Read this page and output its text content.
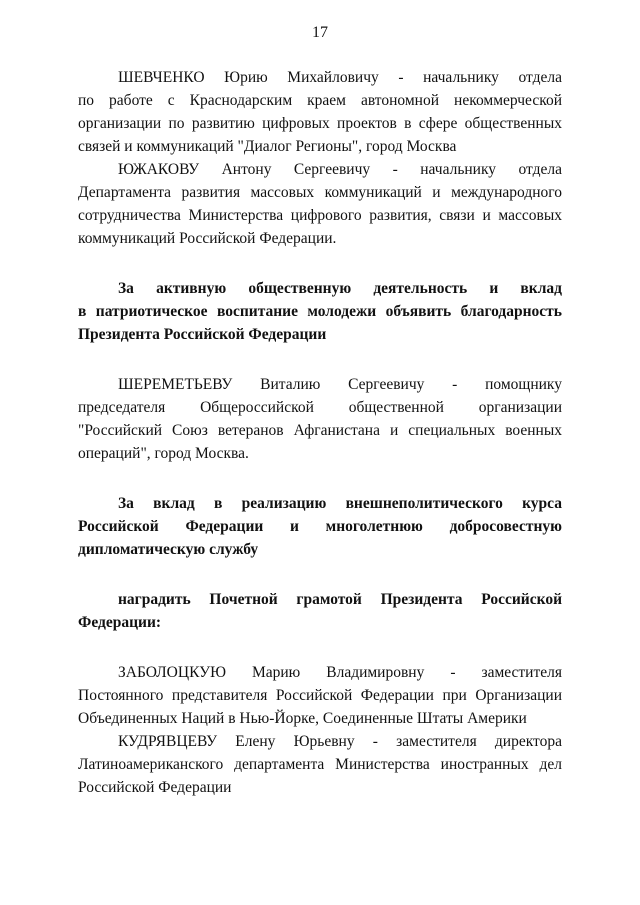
17
ШЕВЧЕНКО Юрию Михайловичу - начальнику отдела
по работе с Краснодарским краем автономной некоммерческой
организации по развитию цифровых проектов в сфере общественных
связей и коммуникаций "Диалог Регионы", город Москва
ЮЖАКОВУ Антону Сергеевичу - начальнику отдела
Департамента развития массовых коммуникаций и международного
сотрудничества Министерства цифрового развития, связи и массовых
коммуникаций Российской Федерации.
За активную общественную деятельность и вклад
в патриотическое воспитание молодежи объявить благодарность
Президента Российской Федерации
ШЕРЕМЕТЬЕВУ Виталию Сергеевичу - помощнику
председателя Общероссийской общественной организации
"Российский Союз ветеранов Афганистана и специальных военных
операций", город Москва.
За вклад в реализацию внешнеполитического курса
Российской Федерации и многолетнюю добросовестную
дипломатическую службу
наградить Почетной грамотой Президента Российской
Федерации:
ЗАБОЛОЦКУЮ Марию Владимировну - заместителя
Постоянного представителя Российской Федерации при Организации
Объединенных Наций в Нью-Йорке, Соединенные Штаты Америки
КУДРЯВЦЕВУ Елену Юрьевну - заместителя директора
Латиноамериканского департамента Министерства иностранных дел
Российской Федерации
